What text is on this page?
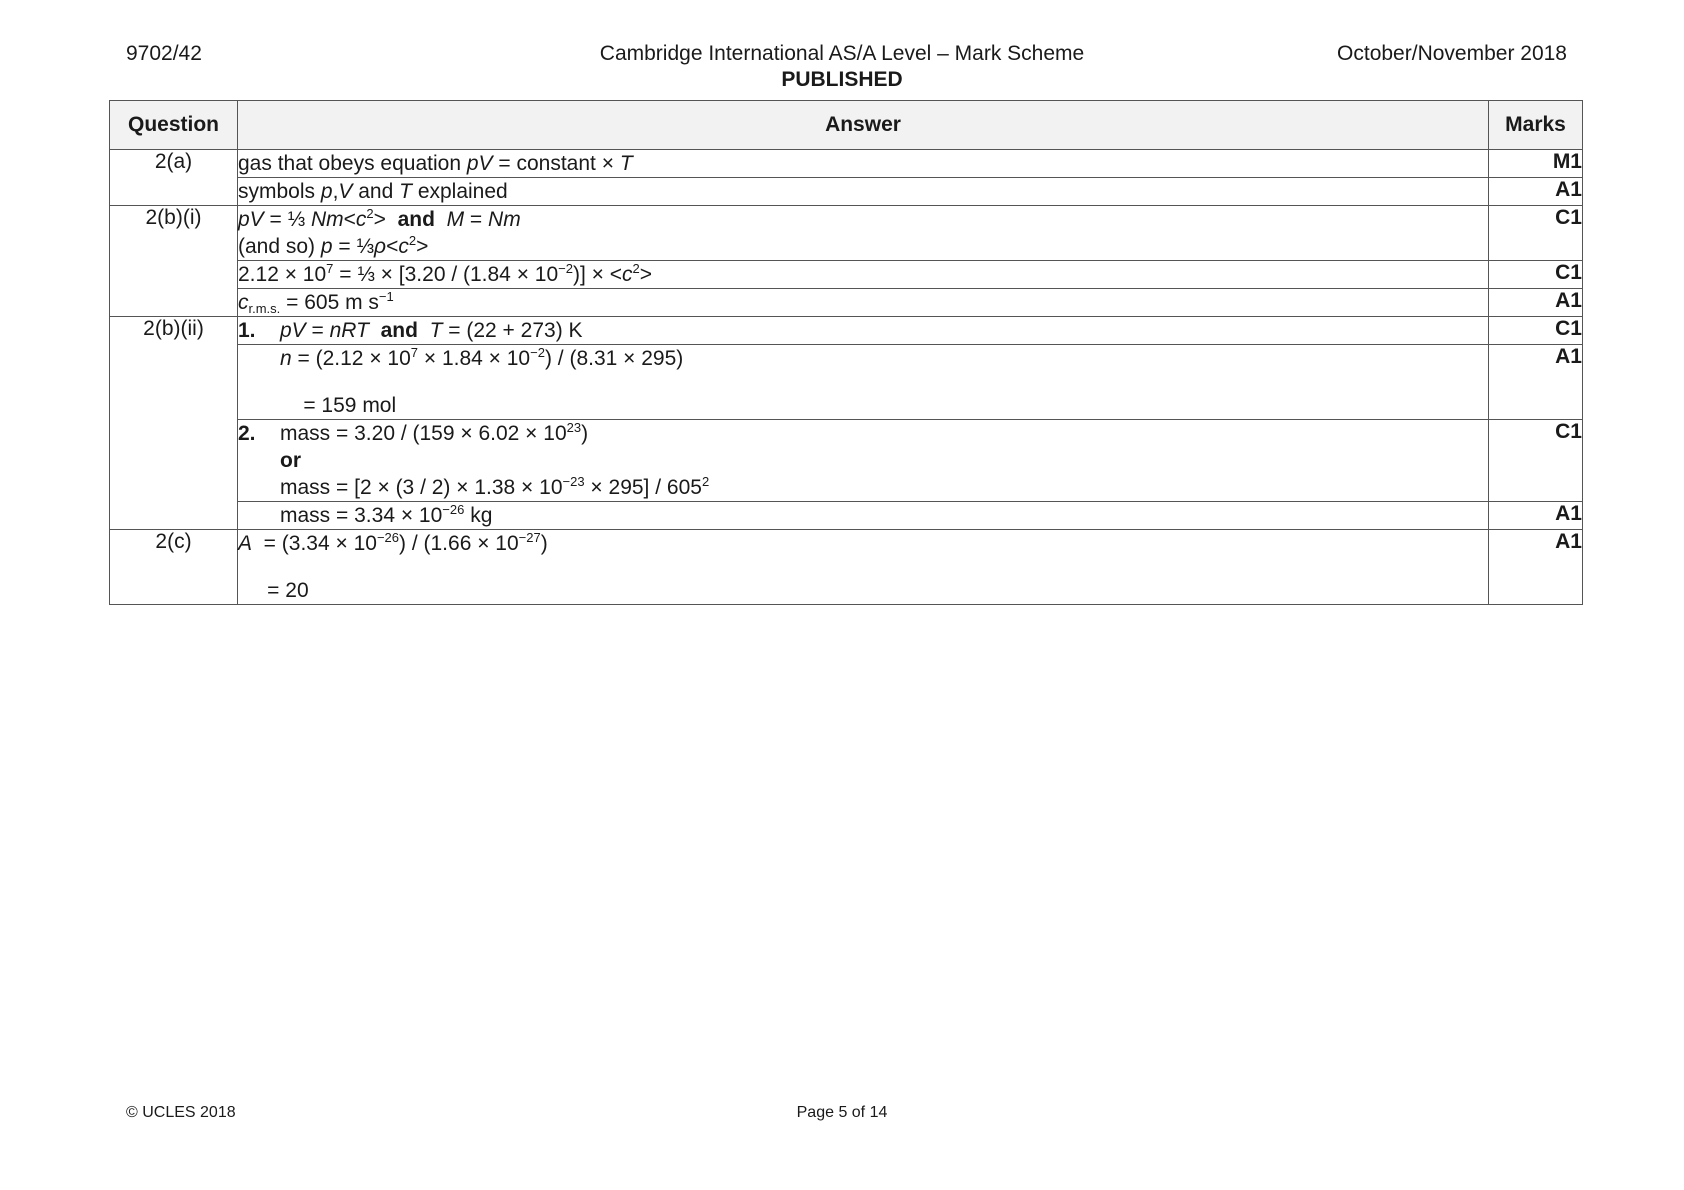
9702/42	Cambridge International AS/A Level – Mark Scheme	October/November 2018
PUBLISHED
Question	Answer	Marks
2(a)	gas that obeys equation pV = constant × T	M1
	symbols p,V and T explained	A1
2(b)(i)	pV = ⅓ $Nm<c^2>$  and M = Nm
(and so) $p = \frac{1}{3}\rho<c^2>$	C1
	$2.12 \times 10^7$ = ⅓ × $[3.20 / (1.84 \times 10^{-2})] \times <c^2>$	C1
	$c_{r.m.s.} = 605$ m $s^{-1}$	A1
2(b)(ii)	1. pV = nRT and T = (22 + 273) K	C1
	$n = (2.12 \times 10^7 \times 1.84 \times 10^{-2}) / (8.31 \times 295)$

= 159 mol	A1
	2. mass = $3.20 / (159 \times 6.02 \times 10^{23})$
or
mass = $[2 \times (3 / 2) \times 1.38 \times 10^{-23} \times 295] / 605^2$	C1
	mass = $3.34 \times 10^{-26}$ kg	A1
2(c)	$A = (3.34 \times 10^{-26}) / (1.66 \times 10^{-27})$

= 20	A1
© UCLES 2018	Page 5 of 14
